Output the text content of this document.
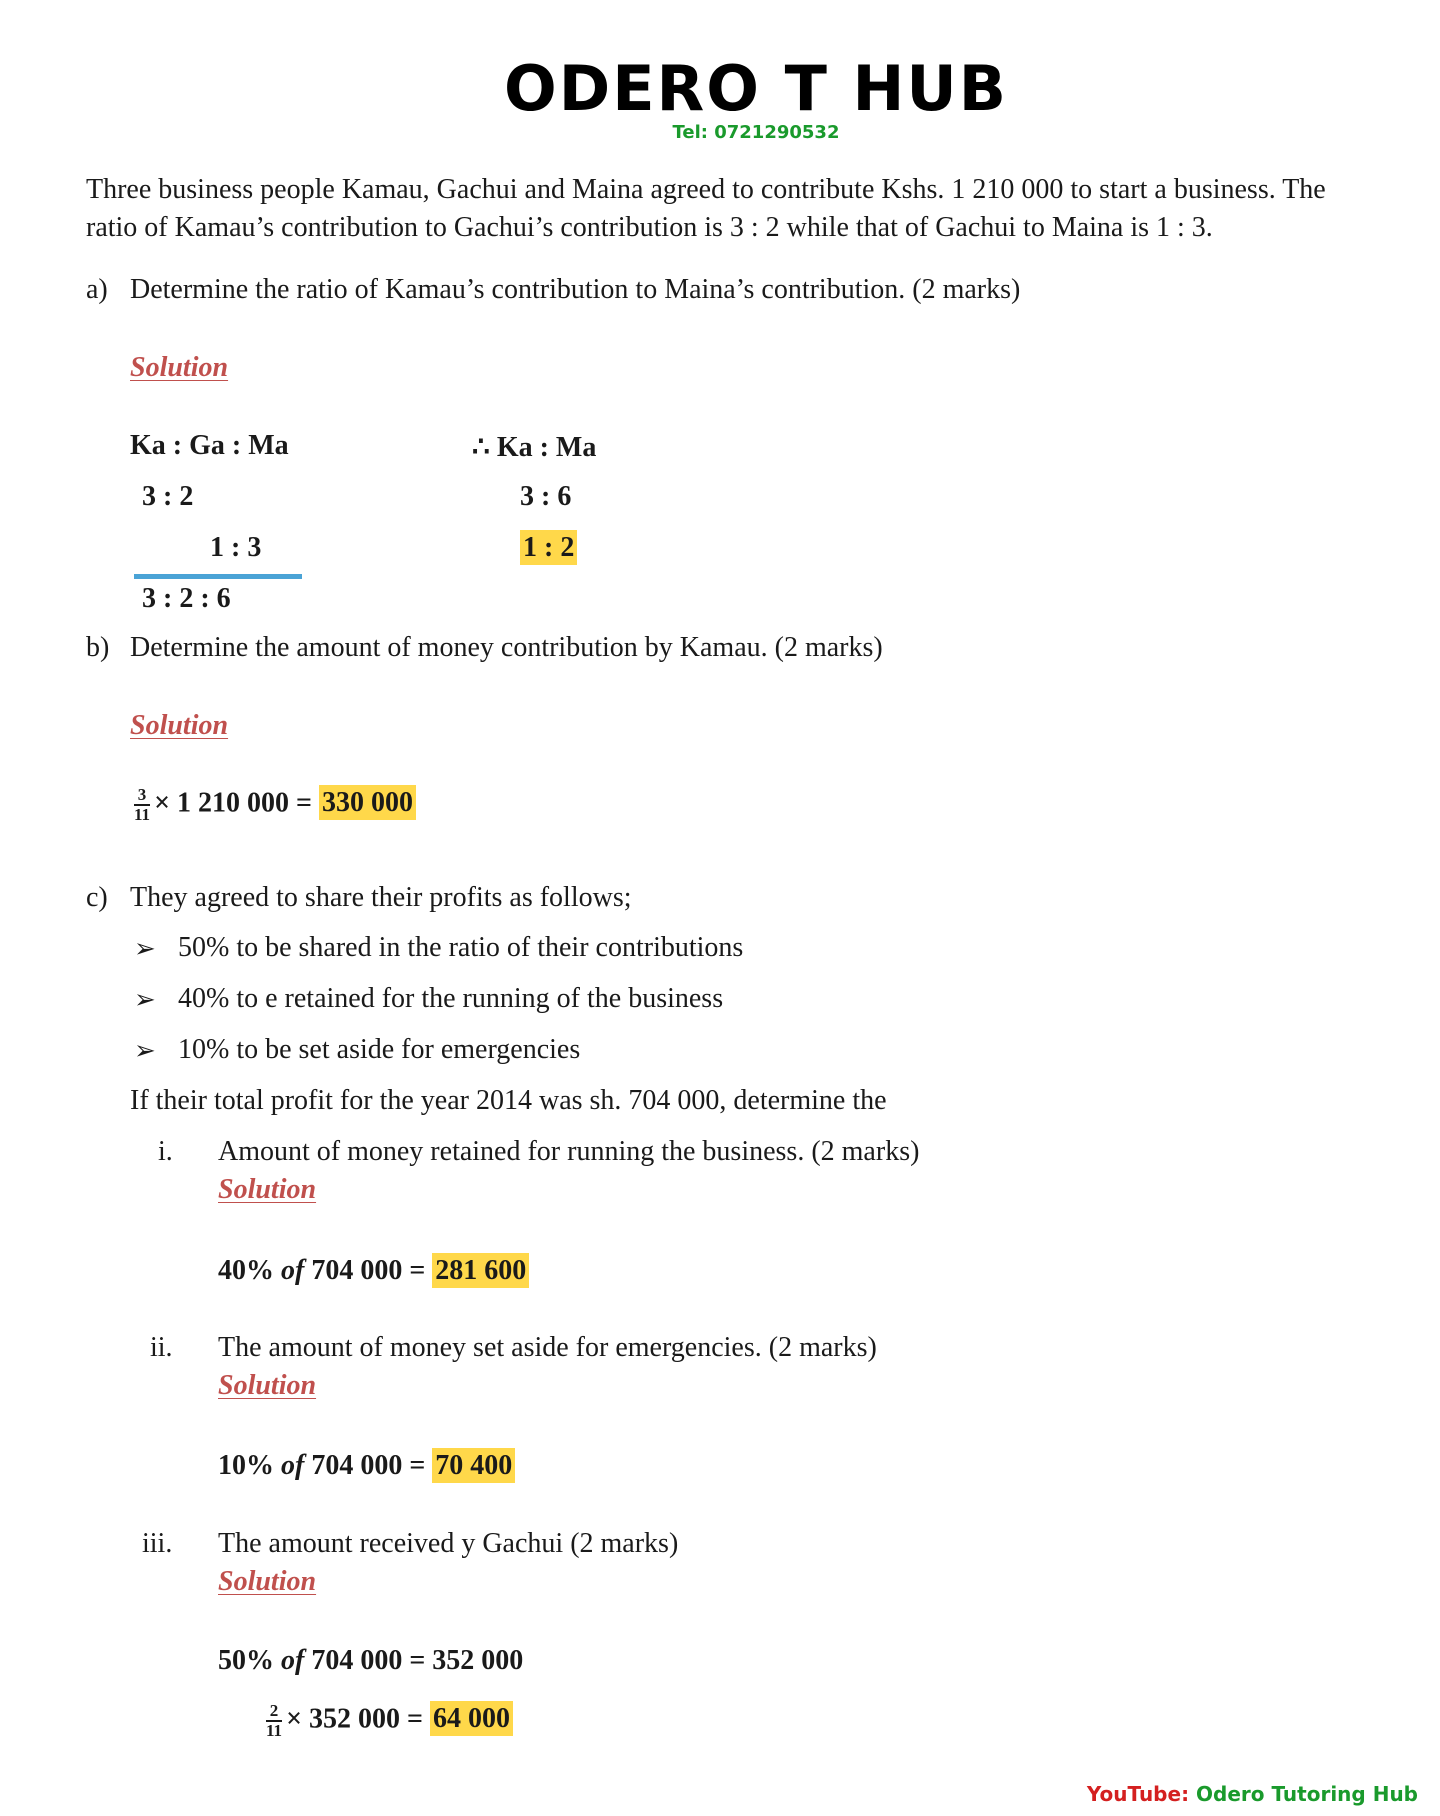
ODERO T HUB
Tel: 0721290532
Three business people Kamau, Gachui and Maina agreed to contribute Kshs. 1 210 000 to start a business. The
ratio of Kamau’s contribution to Gachui’s contribution is 3 : 2 while that of Gachui to Maina is 1 : 3.
a) Determine the ratio of Kamau’s contribution to Maina’s contribution. (2 marks)
Solution
Ka : Ga : Ma
3 : 2
1 : 3
3 : 2 : 6
∴ Ka : Ma
3 : 6
1 : 2
b) Determine the amount of money contribution by Kamau. (2 marks)
Solution
$\frac{3}{11} \times 1$ 210 000 = 330 000
c) They agreed to share their profits as follows;
➢ 50% to be shared in the ratio of their contributions
➢ 40% to e retained for the running of the business
➢ 10% to be set aside for emergencies
If their total profit for the year 2014 was sh. 704 000, determine the
i. Amount of money retained for running the business. (2 marks)
Solution
40% of 704 000 = 281 600
ii. The amount of money set aside for emergencies. (2 marks)
Solution
10% of 704 000 = 70 400
iii. The amount received y Gachui (2 marks)
Solution
50% of 704 000 = 352 000
$\frac{2}{11} \times 352$ 000 = 64 000
YouTube: Odero Tutoring Hub
